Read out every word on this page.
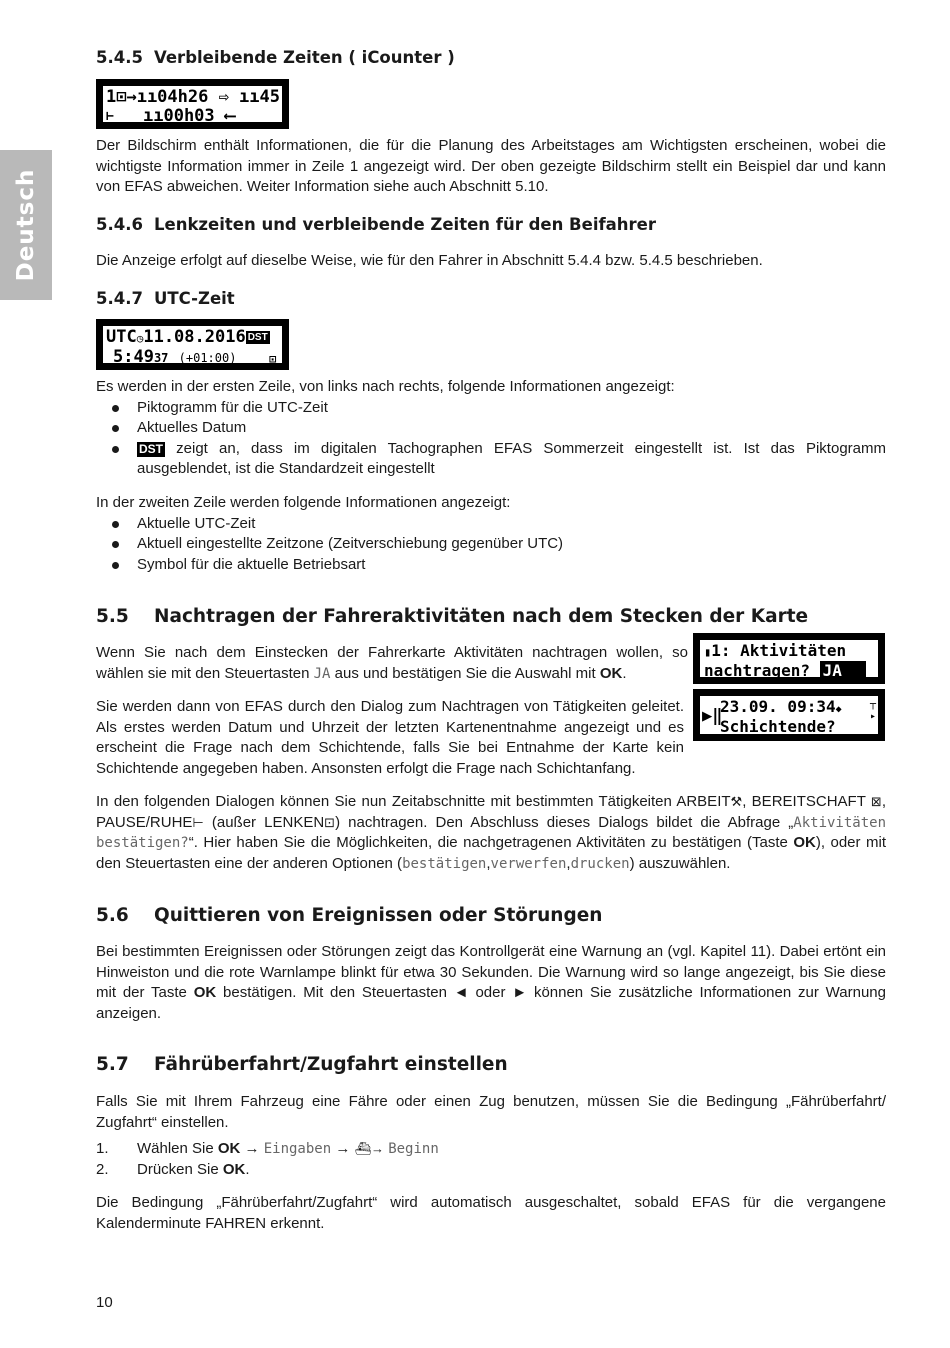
Deutsch
5.4.5 Verbleibende Zeiten ( iCounter )
1⊡→ıı04h26 ⇨ ıı45'
⊢ ıı00h03 ⟵

Der Bildschirm enthält Informationen, die für die Planung des Arbeitstages am Wichtigsten erscheinen, wobei die wichtigste Information immer in Zeile 1 angezeigt wird. Der oben gezeigte Bildschirm stellt ein Beispiel dar und kann von EFAS abweichen. Weiter Information siehe auch Abschnitt 5.10.

5.4.6 Lenkzeiten und verbleibende Zeiten für den Beifahrer

Die Anzeige erfolgt auf dieselbe Weise, wie für den Fahrer in Abschnitt 5.4.4 bzw. 5.4.5 beschrieben.

5.4.7 UTC-Zeit
UTC◷11.08.2016 DST
5:4937 (+01:00)	⊡

Es werden in der ersten Zeile, von links nach rechts, folgende Informationen angezeigt:

Piktogramm für die UTC-Zeit
Aktuelles Datum
DST zeigt an, dass im digitalen Tachographen EFAS Sommerzeit eingestellt ist. Ist das Piktogramm ausgeblendet, ist die Standardzeit eingestellt

In der zweiten Zeile werden folgende Informationen angezeigt:

Aktuelle UTC-Zeit
Aktuell eingestellte Zeitzone (Zeitverschiebung gegenüber UTC)
Symbol für die aktuelle Betriebsart
5.5 Nachtragen der Fahreraktivitäten nach dem Stecken der Karte

Wenn Sie nach dem Einstecken der Fahrerkarte Aktivitäten nachtragen wollen, so wählen sie mit den Steuertasten JA aus und bestätigen Sie die Auswahl mit OK.

▮1: Aktivitäten
nachtragen? JA
▶‖
23.09. 09:34◆
Schichtende?
┬
▸|

Sie werden dann von EFAS durch den Dialog zum Nachtragen von Tätigkeiten geleitet. Als erstes werden Datum und Uhrzeit der letzten Kartenentnahme angezeigt und es erscheint die Frage nach dem Schichtende, falls Sie bei Entnahme der Karte kein Schichtende angegeben haben. Ansonsten erfolgt die Frage nach Schichtanfang.

In den folgenden Dialogen können Sie nun Zeitabschnitte mit bestimmten Tätigkeiten ARBEIT⚒, BEREITSCHAFT ⊠, PAUSE/RUHE⊢ (außer LENKEN⊡) nachtragen. Den Abschluss dieses Dialogs bildet die Abfrage „Aktivitäten bestätigen?“. Hier haben Sie die Möglichkeiten, die nachgetragenen Aktivitäten zu bestätigen (Taste OK), oder mit den Steuertasten eine der anderen Optionen (bestätigen,verwerfen,drucken) auszuwählen.

5.6 Quittieren von Ereignissen oder Störungen

Bei bestimmten Ereignissen oder Störungen zeigt das Kontrollgerät eine Warnung an (vgl. Kapitel 11). Dabei ertönt ein Hinweiston und die rote Warnlampe blinkt für etwa 30 Sekunden. Die Warnung wird so lange angezeigt, bis Sie diese mit der Taste OK bestätigen. Mit den Steuertasten ◄ oder ► können Sie zusätzliche Informationen zur Warnung anzeigen.

5.7 Fährüberfahrt/Zugfahrt einstellen

Falls Sie mit Ihrem Fahrzeug eine Fähre oder einen Zug benutzen, müssen Sie die Bedingung „Fährüberfahrt/ Zugfahrt“ einstellen.

1. Wählen Sie OK → Eingaben → ⛴→ Beginn
2. Drücken Sie OK.

Die Bedingung „Fährüberfahrt/Zugfahrt“ wird automatisch ausgeschaltet, sobald EFAS für die vergangene Kalenderminute FAHREN erkennt.

10
